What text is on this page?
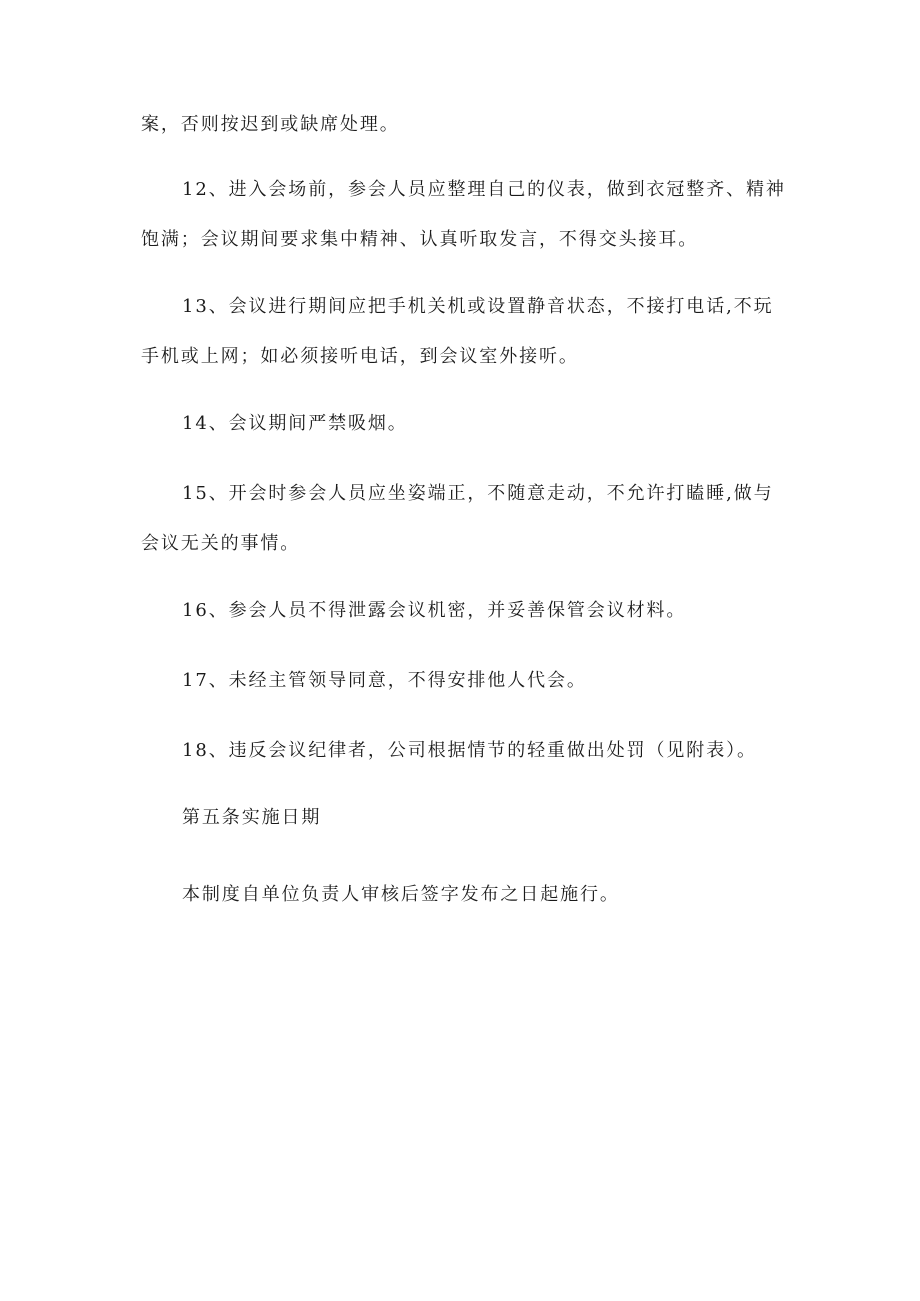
案，否则按迟到或缺席处理。

12、进入会场前，参会人员应整理自己的仪表，做到衣冠整齐、精神

饱满；会议期间要求集中精神、认真听取发言，不得交头接耳。

13、会议进行期间应把手机关机或设置静音状态，不接打电话,不玩

手机或上网；如必须接听电话，到会议室外接听。

14、会议期间严禁吸烟。

15、开会时参会人员应坐姿端正，不随意走动，不允许打瞌睡,做与

会议无关的事情。

16、参会人员不得泄露会议机密，并妥善保管会议材料。

17、未经主管领导同意，不得安排他人代会。

18、违反会议纪律者，公司根据情节的轻重做出处罚（见附表）。

第五条实施日期

本制度自单位负责人审核后签字发布之日起施行。
